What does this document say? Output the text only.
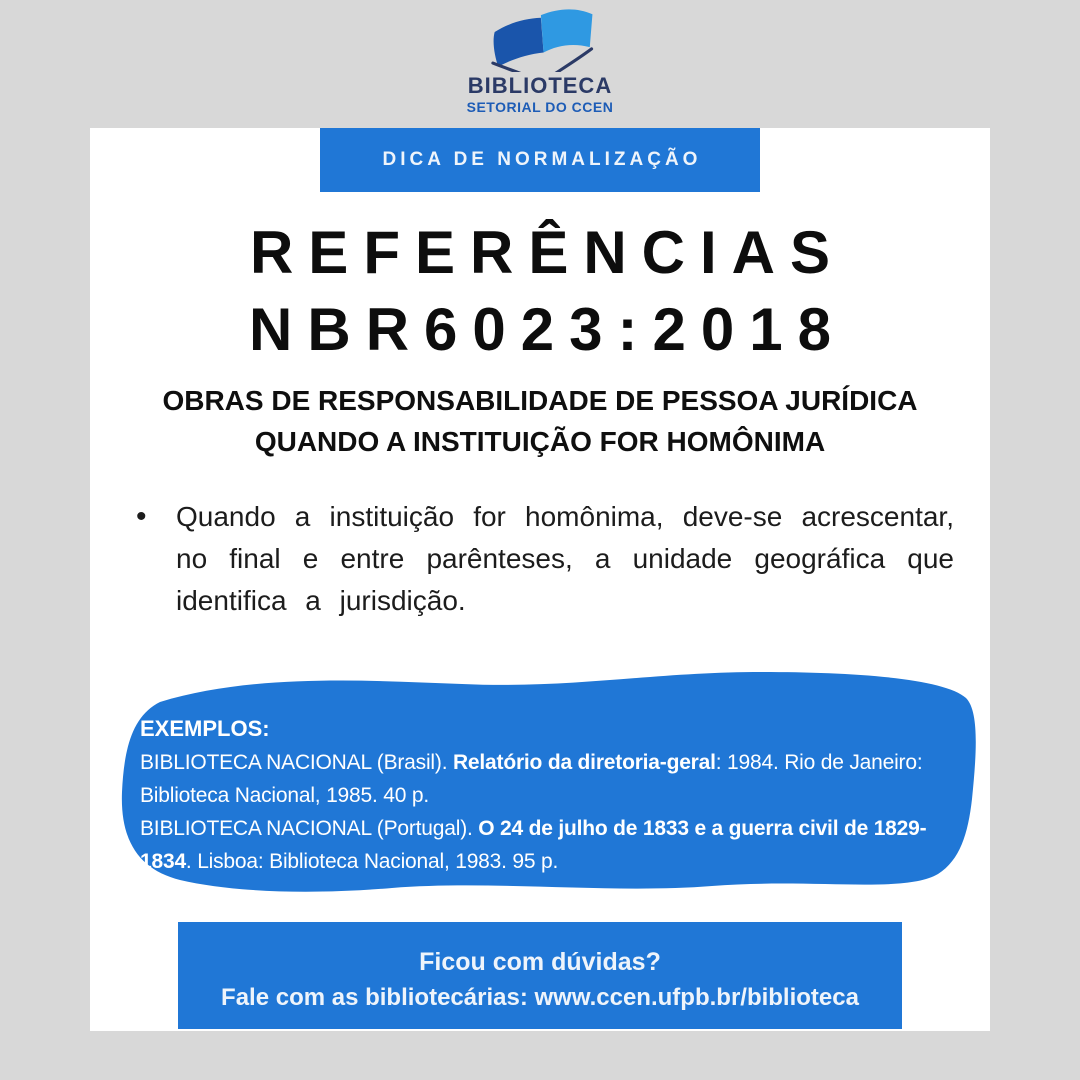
BIBLIOTECA
SETORIAL DO CCEN
DICA DE NORMALIZAÇÃO
REFERÊNCIAS
NBR6023:2018
OBRAS DE RESPONSABILIDADE DE PESSOA JURÍDICA
QUANDO A INSTITUIÇÃO FOR HOMÔNIMA
•	Quando a instituição for homônima, deve-se acrescentar, no final e entre parênteses, a unidade geográfica que identifica a jurisdição.
EXEMPLOS:
BIBLIOTECA NACIONAL (Brasil). Relatório da diretoria-geral: 1984. Rio de Janeiro:
Biblioteca Nacional, 1985. 40 p.
BIBLIOTECA NACIONAL (Portugal). O 24 de julho de 1833 e a guerra civil de 1829-
1834. Lisboa: Biblioteca Nacional, 1983. 95 p.
Ficou com dúvidas?
Fale com as bibliotecárias: www.ccen.ufpb.br/biblioteca
